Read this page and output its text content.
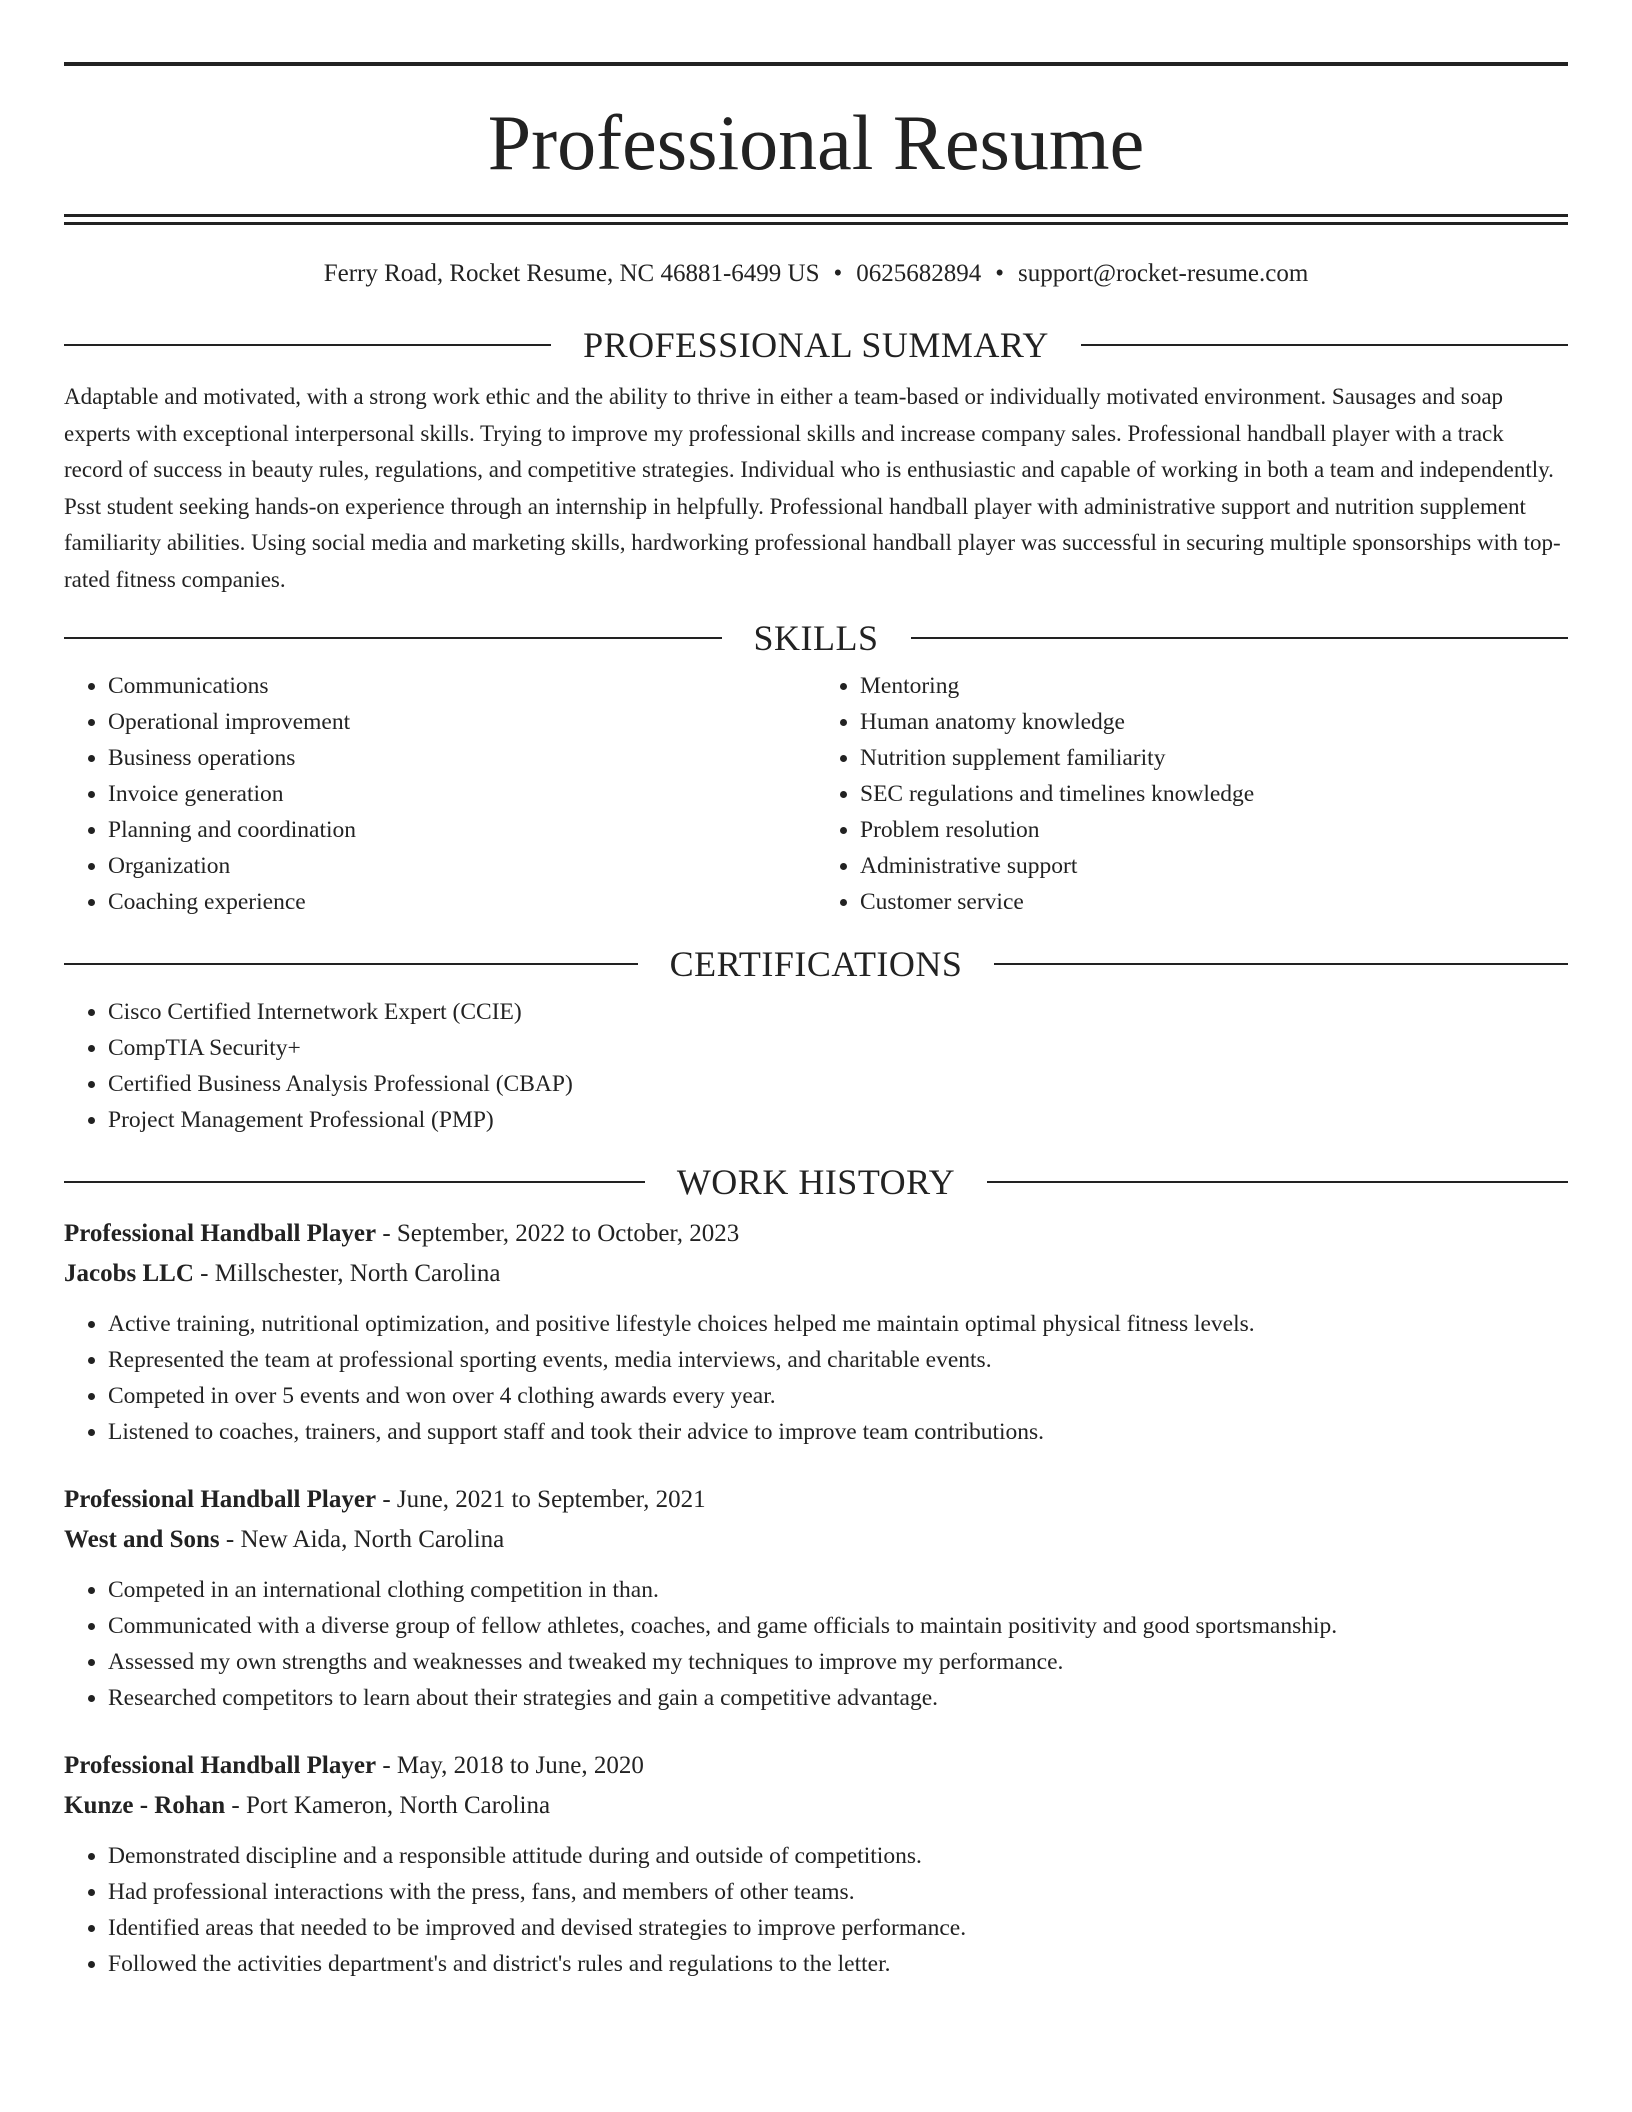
Professional Resume
Ferry Road, Rocket Resume, NC 46881-6499 US • 0625682894 • support@rocket-resume.com
PROFESSIONAL SUMMARY

Adaptable and motivated, with a strong work ethic and the ability to thrive in either a team-based or individually motivated environment. Sausages and soap experts with exceptional interpersonal skills. Trying to improve my professional skills and increase company sales. Professional handball player with a track record of success in beauty rules, regulations, and competitive strategies. Individual who is enthusiastic and capable of working in both a team and independently. Psst student seeking hands-on experience through an internship in helpfully. Professional handball player with administrative support and nutrition supplement familiarity abilities. Using social media and marketing skills, hardworking professional handball player was successful in securing multiple sponsorships with top-rated fitness companies.

SKILLS
• Communications
• Operational improvement
• Business operations
• Invoice generation
• Planning and coordination
• Organization
• Coaching experience
• Mentoring
• Human anatomy knowledge
• Nutrition supplement familiarity
• SEC regulations and timelines knowledge
• Problem resolution
• Administrative support
• Customer service
CERTIFICATIONS
• Cisco Certified Internetwork Expert (CCIE)
• CompTIA Security+
• Certified Business Analysis Professional (CBAP)
• Project Management Professional (PMP)
WORK HISTORY
Professional Handball Player - September, 2022 to October, 2023
Jacobs LLC - Millschester, North Carolina
• Active training, nutritional optimization, and positive lifestyle choices helped me maintain optimal physical fitness levels.
• Represented the team at professional sporting events, media interviews, and charitable events.
• Competed in over 5 events and won over 4 clothing awards every year.
• Listened to coaches, trainers, and support staff and took their advice to improve team contributions.
Professional Handball Player - June, 2021 to September, 2021
West and Sons - New Aida, North Carolina
• Competed in an international clothing competition in than.
• Communicated with a diverse group of fellow athletes, coaches, and game officials to maintain positivity and good sportsmanship.
• Assessed my own strengths and weaknesses and tweaked my techniques to improve my performance.
• Researched competitors to learn about their strategies and gain a competitive advantage.
Professional Handball Player - May, 2018 to June, 2020
Kunze - Rohan - Port Kameron, North Carolina
• Demonstrated discipline and a responsible attitude during and outside of competitions.
• Had professional interactions with the press, fans, and members of other teams.
• Identified areas that needed to be improved and devised strategies to improve performance.
• Followed the activities department's and district's rules and regulations to the letter.
